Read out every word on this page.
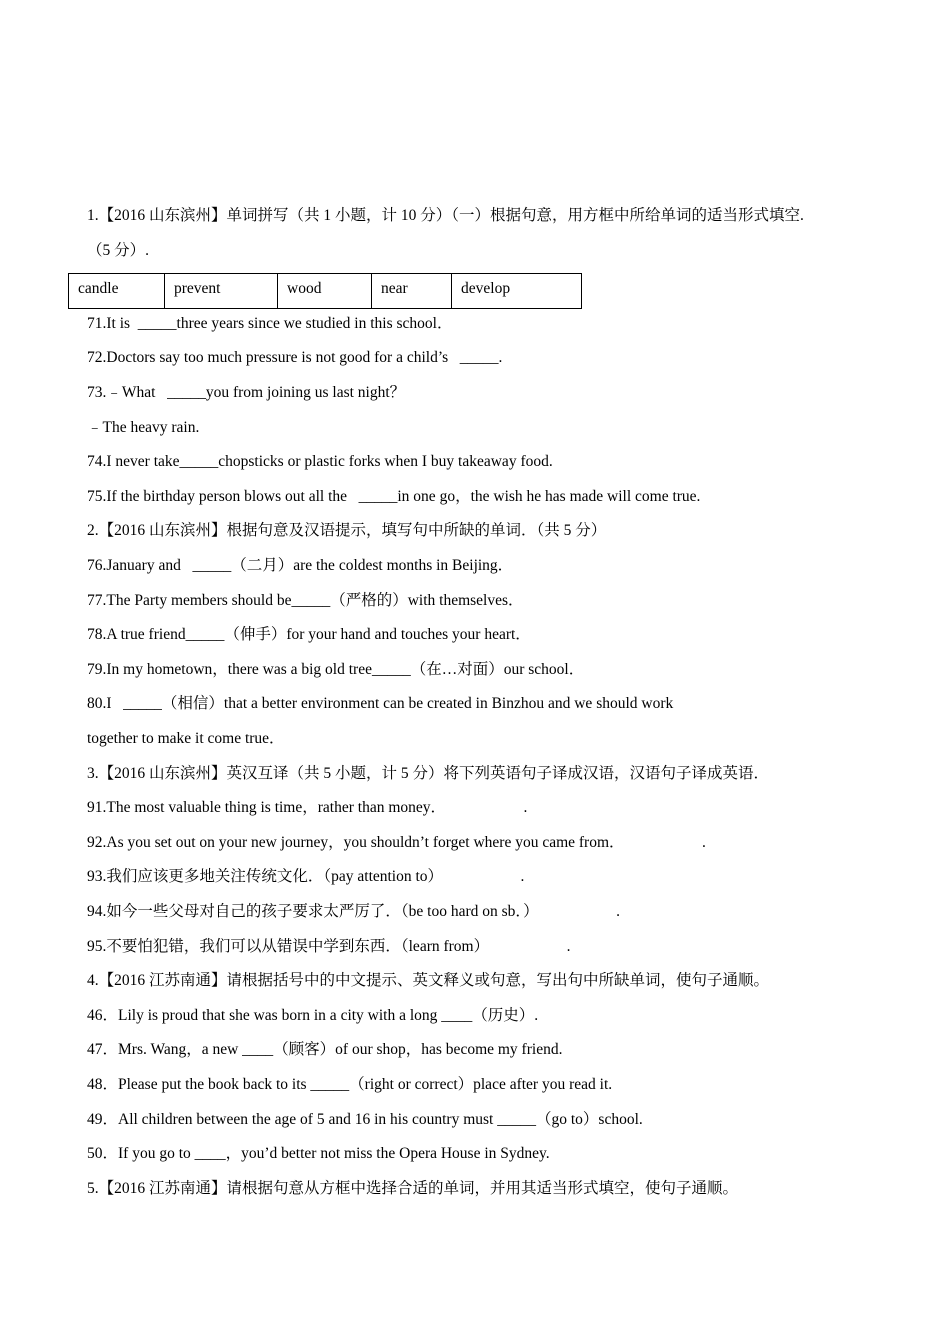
1.【2016 山东滨州】单词拼写（共 1 小题，计 10 分）（一）根据句意，用方框中所给单词的适当形式填空.
（5 分）.
candle	prevent	wood	near	develop
71.It is  _____three years since we studied in this school．
72.Doctors say too much pressure is not good for a child’s   _____.
73.﹣What   _____you from joining us last night？
﹣The heavy rain.
74.I never take_____chopsticks or plastic forks when I buy takeaway food.
75.If the birthday person blows out all the   _____in one go，the wish he has made will come true.
2.【2016 山东滨州】根据句意及汉语提示，填写句中所缺的单词．（共 5 分）
76.January and   _____（二月）are the coldest months in Beijing．
77.The Party members should be_____（严格的）with themselves．
78.A true friend_____（伸手）for your hand and touches your heart．
79.In my hometown，there was a big old tree_____（在…对面）our school．
80.I   _____（相信）that a better environment can be created in Binzhou and we should work
together to make it come true．
3.【2016 山东滨州】英汉互译（共 5 小题，计 5 分）将下列英语句子译成汉语，汉语句子译成英语．
91.The most valuable thing is time，rather than money．                    .
92.As you set out on your new journey，you shouldn’t forget where you came from．                    .
93.我们应该更多地关注传统文化．（pay attention to）                    .
94.如今一些父母对自己的孩子要求太严厉了．（be too hard on sb．）                    .
95.不要怕犯错，我们可以从错误中学到东西．（learn from）                    .
4.【2016 江苏南通】请根据括号中的中文提示、英文释义或句意，写出句中所缺单词，使句子通顺。
46．Lily is proud that she was born in a city with a long ____（历史）.
47．Mrs. Wang，a new ____（顾客）of our shop，has become my friend.
48．Please put the book back to its _____（right or correct）place after you read it.
49．All children between the age of 5 and 16 in his country must _____（go to）school.
50．If you go to ____，you’d better not miss the Opera House in Sydney.
5.【2016 江苏南通】请根据句意从方框中选择合适的单词，并用其适当形式填空，使句子通顺。
